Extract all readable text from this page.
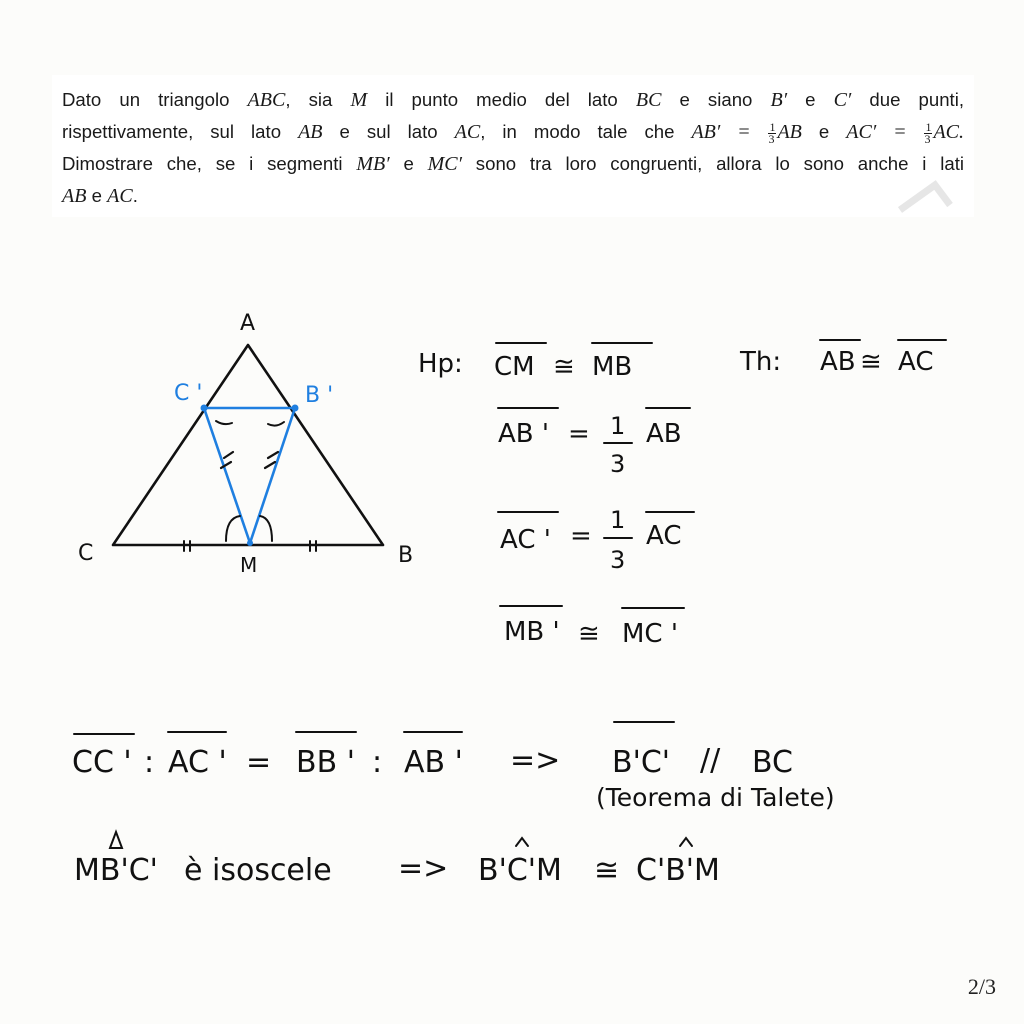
Dato un triangolo ABC, sia M il punto medio del lato BC e siano B′ e C′ due punti,
rispettivamente, sul lato AB e sul lato AC, in modo tale che $AB' = \frac{1}{3}$ AB e $AC' = \frac{1}{3}$ AC.
Dimostrare che, se i segmenti MB′ e MC′ sono tra loro congruenti, allora lo sono anche i lati
AB e AC.
A
C	B
M
C '	B '
Hp: CM ≅ MB	Th: AB ≅ AC
AB ' = 1
3
AB
AC ' =
1
3
AC
MB ' ≅ MC '
CC ' : AC ' = BB ' : AB ' => B'C' // BC
(Teorema di Talete)
MB'C' è isoscele => B'C'M ≅ C'B'M
2/3
